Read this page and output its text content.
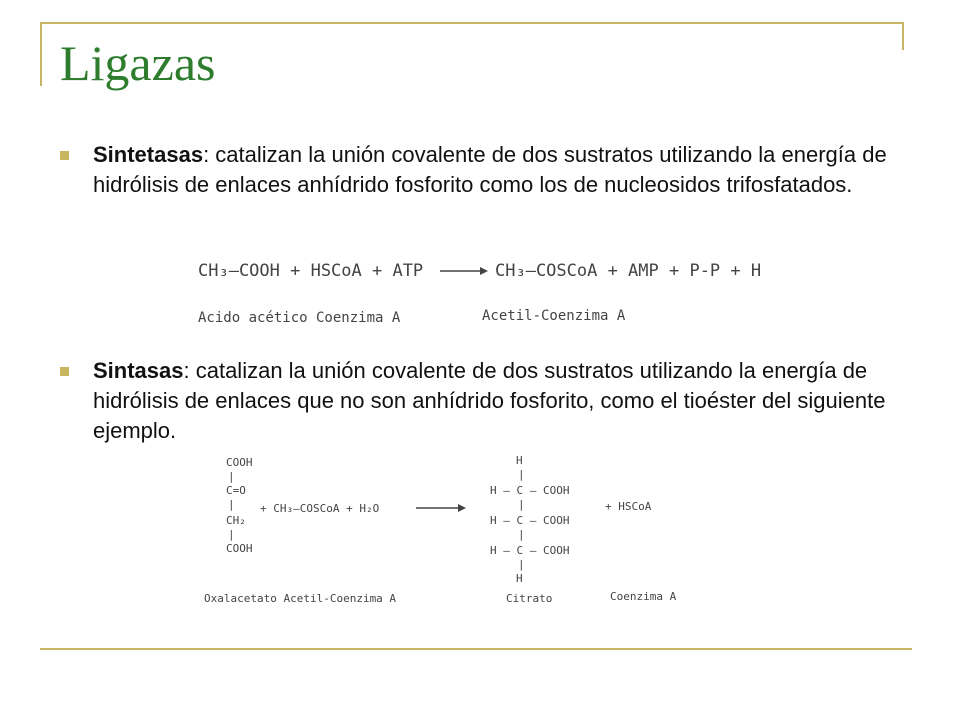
Ligazas
Sintetasas: catalizan la unión covalente de dos sustratos utilizando la energía de hidrólisis de enlaces anhídrido fosforito como los de nucleosidos trifosfatados.
CH₃–COOH + HSCoA + ATP	CH₃–COSCoA + AMP + P-P + H₂O
Acido acético Coenzima A	Acetil-Coenzima A
Sintasas: catalizan la unión covalente de dos sustratos utilizando la energía de hidrólisis de enlaces que no son anhídrido fosforito, como el tioéster del siguiente ejemplo.
COOH
|
C=O
|
CH₂
|
COOH
+ CH₃–COSCoA + H₂O
H
|
H – C – COOH
|
H – C – COOH
|
H – C – COOH
|
H
+ HSCoA
Oxalacetato Acetil-Coenzima A	Citrato	Coenzima A
